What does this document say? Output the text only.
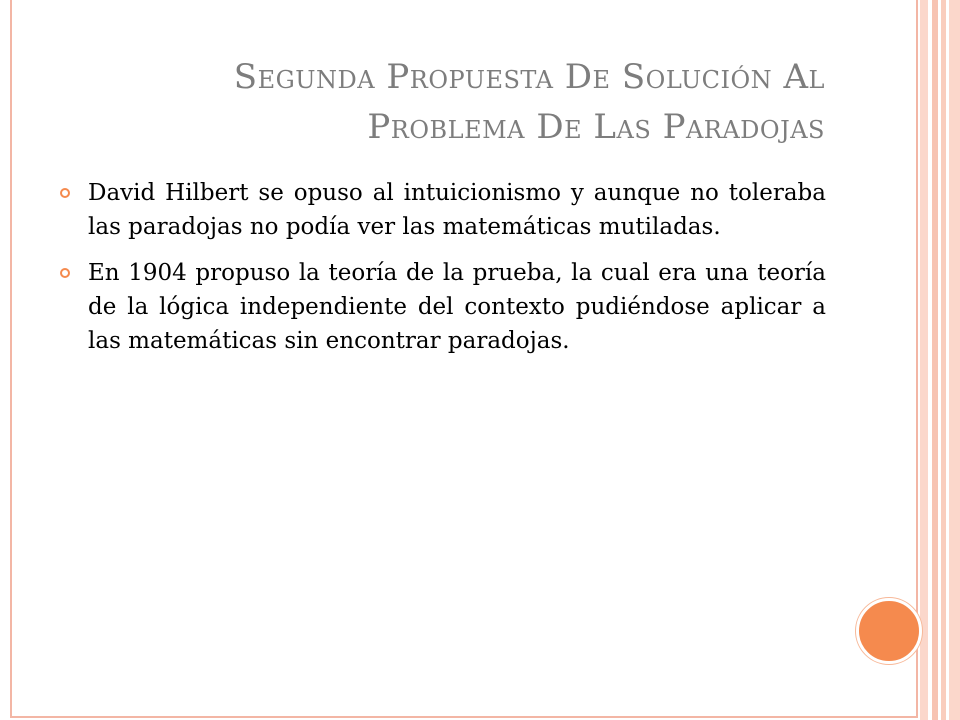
Segunda Propuesta De Solución Al
Problema De Las Paradojas
David Hilbert se opuso al intuicionismo y aunque no toleraba las paradojas no podía ver las matemáticas mutiladas.
En 1904 propuso la teoría de la prueba, la cual era una teoría de la lógica independiente del contexto pudiéndose aplicar a las matemáticas sin encontrar paradojas.
